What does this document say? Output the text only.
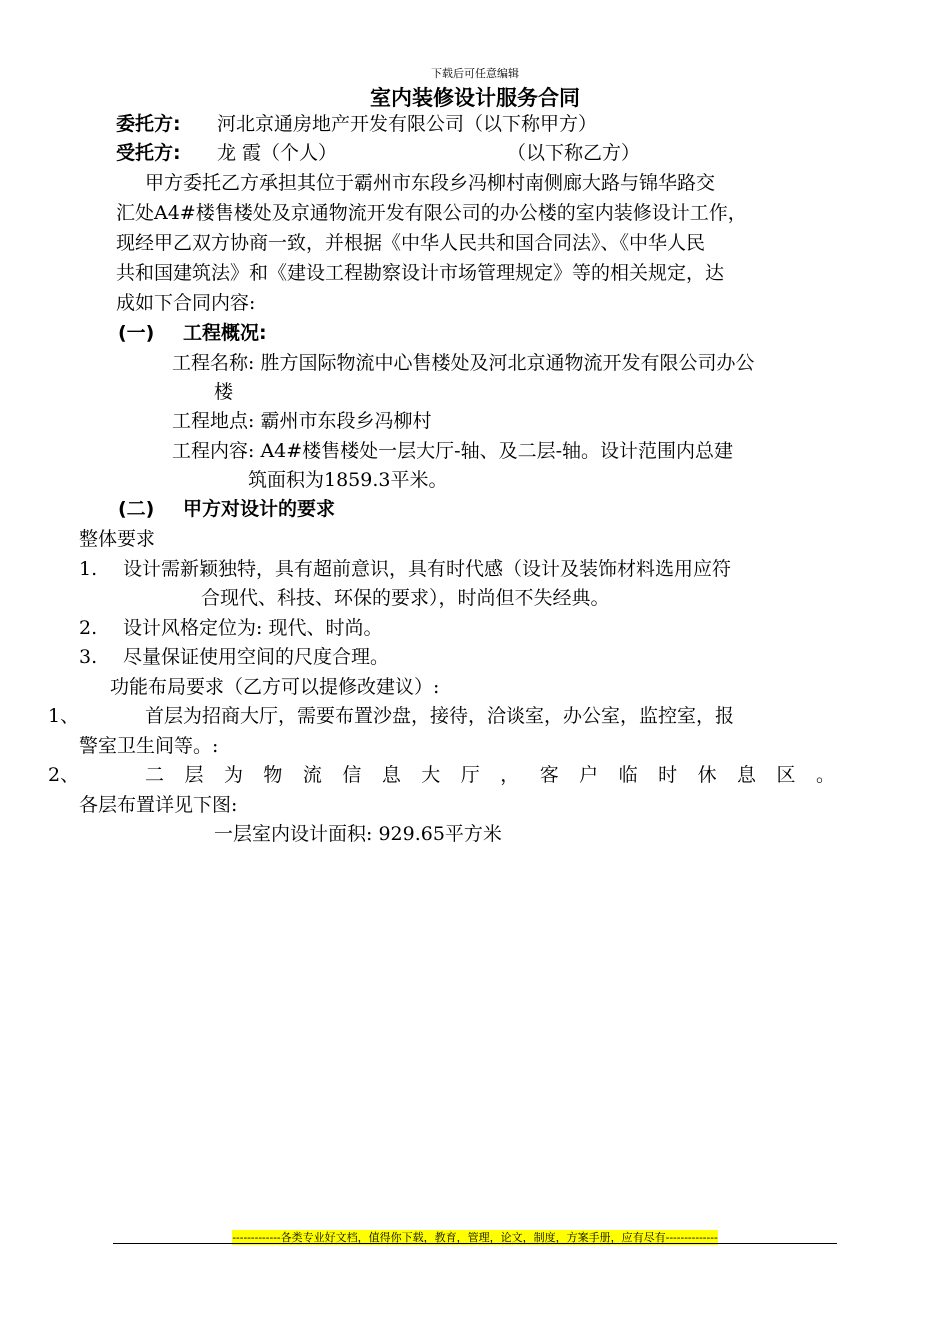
下载后可任意编辑
室内装修设计服务合同
委托方: 河北京通房地产开发有限公司（以下称甲方）
受托方: 龙 霞（个人）	（以下称乙方）
甲方委托乙方承担其位于霸州市东段乡冯柳村南侧廊大路与锦华路交
汇处A4#楼售楼处及京通物流开发有限公司的办公楼的室内装修设计工作，
现经甲乙双方协商一致，并根据《中华人民共和国合同法》、《中华人民
共和国建筑法》和《建设工程勘察设计市场管理规定》等的相关规定，达
成如下合同内容:
(一) 工程概况:
工程名称: 胜方国际物流中心售楼处及河北京通物流开发有限公司办公
楼
工程地点: 霸州市东段乡冯柳村
工程内容: A4#楼售楼处一层大厅-轴、及二层-轴。设计范围内总建
筑面积为1859.3平米。
(二) 甲方对设计的要求
整体要求
1. 设计需新颖独特，具有超前意识，具有时代感（设计及装饰材料选用应符
合现代、科技、环保的要求），时尚但不失经典。
2. 设计风格定位为: 现代、时尚。
3. 尽量保证使用空间的尺度合理。
功能布局要求（乙方可以提修改建议）:
1、	首层为招商大厅，需要布置沙盘，接待，洽谈室，办公室，监控室，报
警室卫生间等。:
2、	二 层 为 物 流 信 息 大 厅 ， 客 户 临 时 休 息 区 。
各层布置详见下图:
一层室内设计面积: 929.65平方米
-------------各类专业好文档，值得你下载，教育，管理，论文，制度，方案手册，应有尽有--------------
